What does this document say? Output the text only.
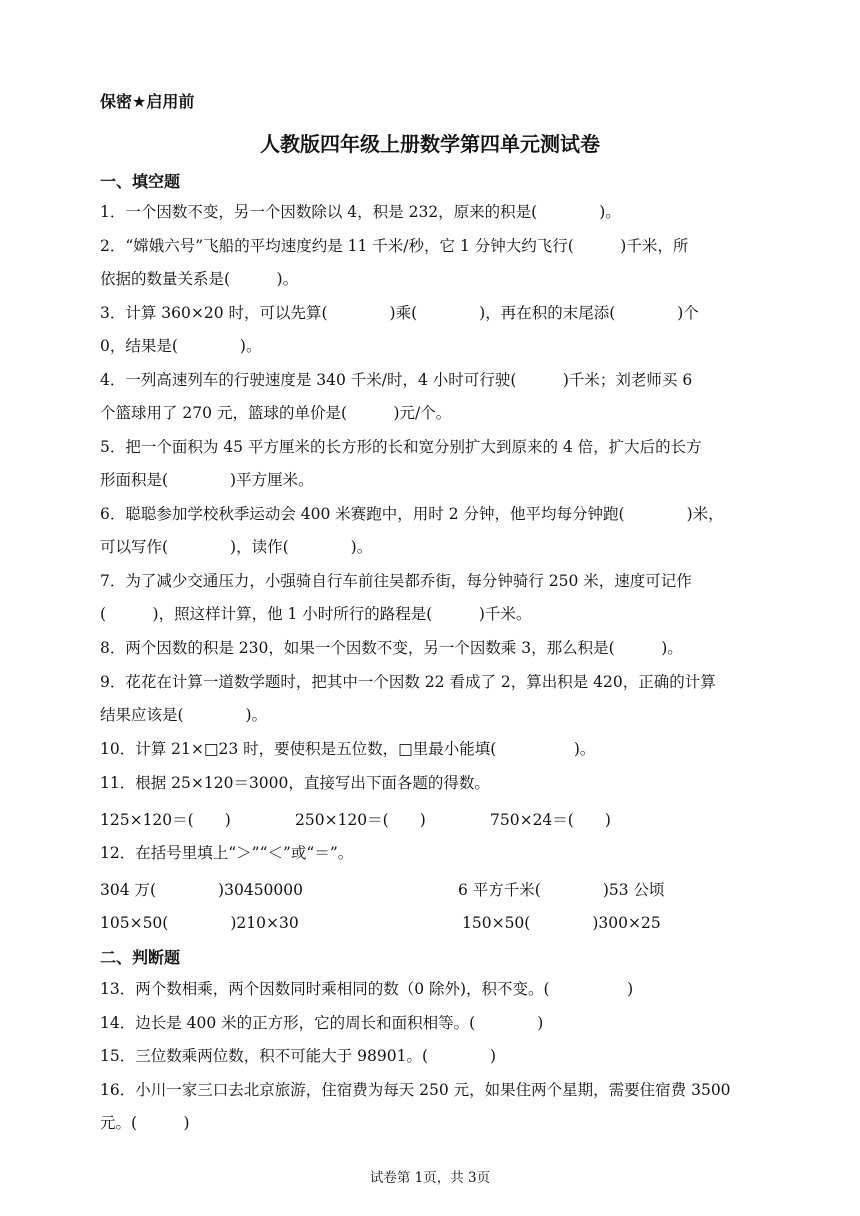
保密★启用前
人教版四年级上册数学第四单元测试卷
一、填空题
1．一个因数不变，另一个因数除以 4，积是 232，原来的积是(　　　　)。
2．“嫦娥六号”飞船的平均速度约是 11 千米/秒，它 1 分钟大约飞行(　　　)千米，所
依据的数量关系是(　　　)。
3．计算 360×20 时，可以先算(　　　　)乘(　　　　)，再在积的末尾添(　　　　)个
0，结果是(　　　　)。
4．一列高速列车的行驶速度是 340 千米/时，4 小时可行驶(　　　)千米；刘老师买 6
个篮球用了 270 元，篮球的单价是(　　　)元/个。
5．把一个面积为 45 平方厘米的长方形的长和宽分别扩大到原来的 4 倍，扩大后的长方
形面积是(　　　　)平方厘米。
6．聪聪参加学校秋季运动会 400 米赛跑中，用时 2 分钟，他平均每分钟跑(　　　　)米，
可以写作(　　　　)，读作(　　　　)。
7．为了减少交通压力，小强骑自行车前往吴都乔街，每分钟骑行 250 米，速度可记作
(　　　)，照这样计算，他 1 小时所行的路程是(　　　)千米。
8．两个因数的积是 230，如果一个因数不变，另一个因数乘 3，那么积是(　　　)。
9．花花在计算一道数学题时，把其中一个因数 22 看成了 2，算出积是 420，正确的计算
结果应该是(　　　　)。
10．计算 21×□23 时，要使积是五位数，□里最小能填(　　　　　)。
11．根据 25×120＝3000，直接写出下面各题的得数。
125×120＝(　　)	250×120＝(　　)	750×24＝(　　)
12．在括号里填上“＞”“＜”或“＝”。
304 万(　　　　)30450000	6 平方千米(　　　　)53 公顷
105×50(　　　　)210×30	150×50(　　　　)300×25
二、判断题
13．两个数相乘，两个因数同时乘相同的数（0 除外)，积不变。(　　　　　)
14．边长是 400 米的正方形，它的周长和面积相等。(　　　　)
15．三位数乘两位数，积不可能大于 98901。(　　　　)
16．小川一家三口去北京旅游，住宿费为每天 250 元，如果住两个星期，需要住宿费 3500
元。(　　　)
试卷第 1页，共 3页
